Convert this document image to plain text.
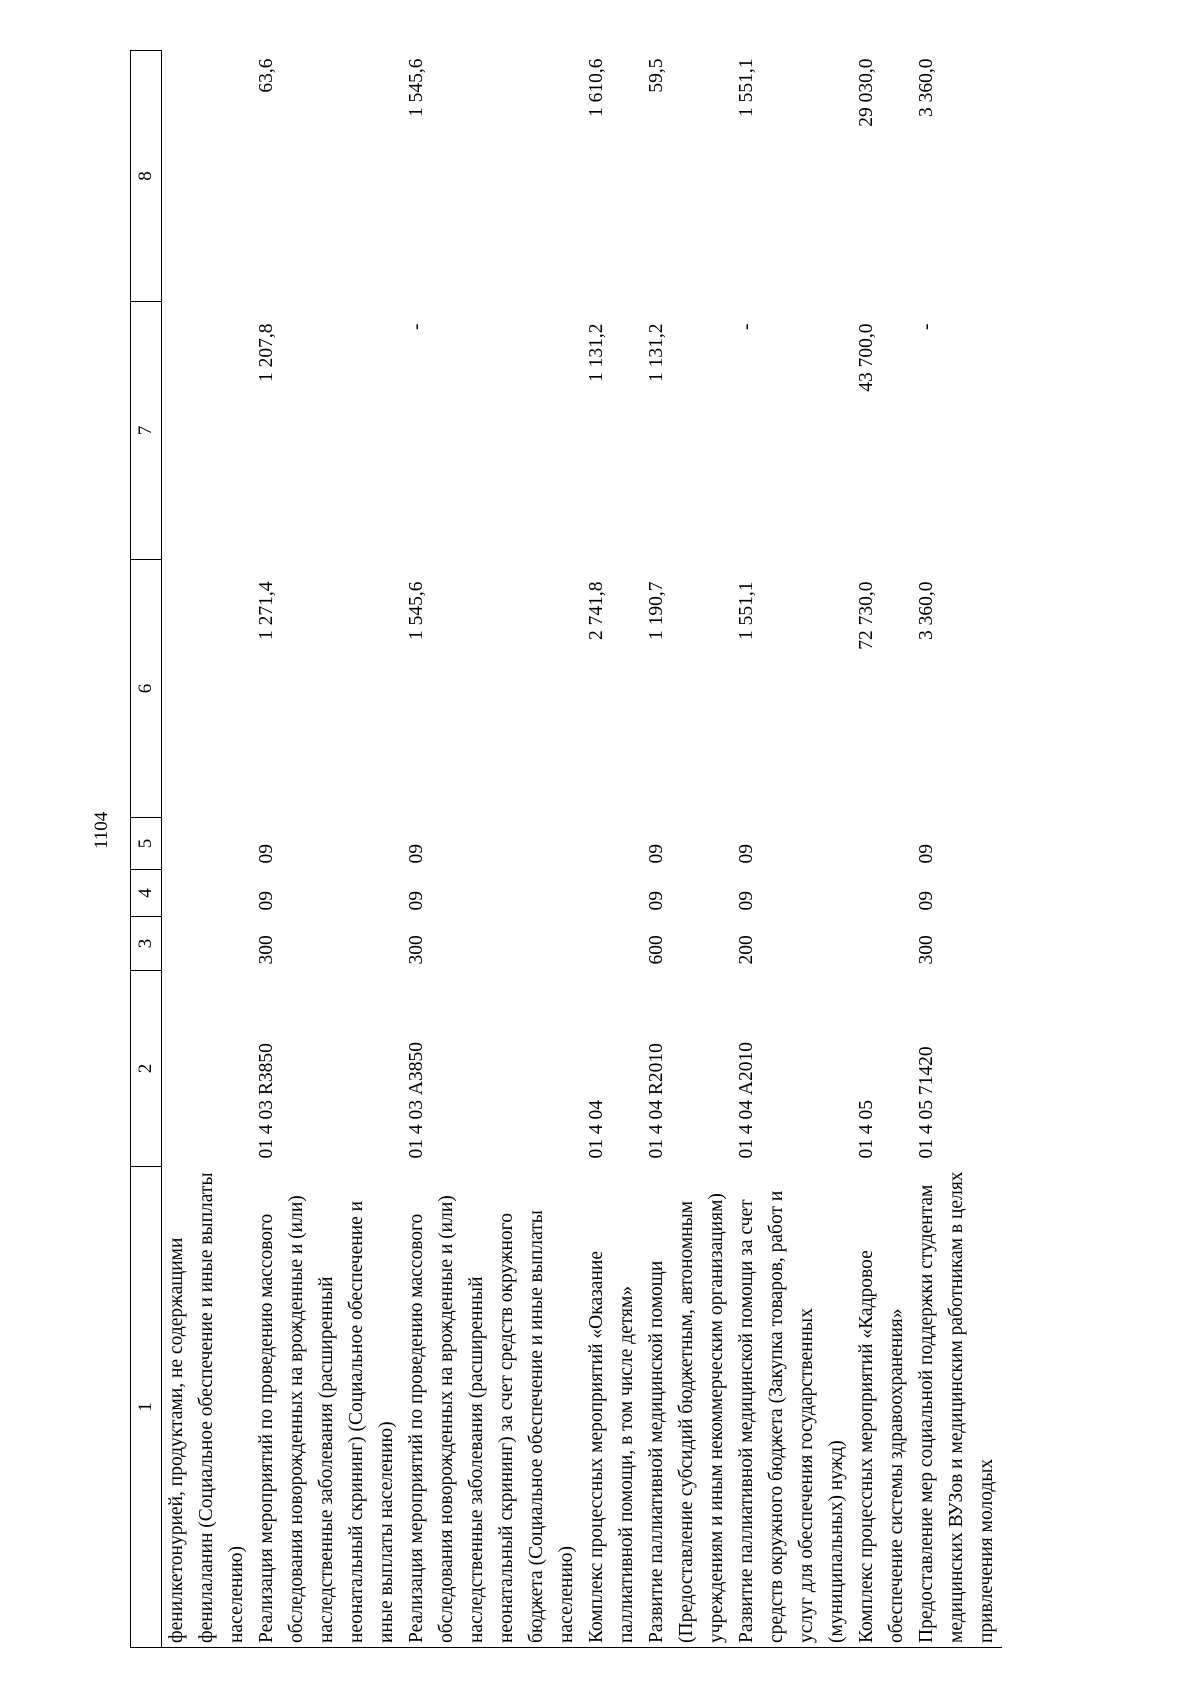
1104
1	2	3	4	5	6	7	8
фенилкетонурией, продуктами, не содержащими фенилаланин (Социальное обеспечение и иные выплаты населению)							
Реализация мероприятий по проведению массового обследования новорожденных на врожденные и (или) наследственные заболевания (расширенный неонатальный скрининг) (Социальное обеспечение и иные выплаты населению)	01 4 03 R3850	300	09	09	1 271,4	1 207,8	63,6
Реализация мероприятий по проведению массового обследования новорожденных на врожденные и (или) наследственные заболевания (расширенный неонатальный скрининг) за счет средств окружного бюджета (Социальное обеспечение и иные выплаты населению)	01 4 03 А3850	300	09	09	1 545,6	-	1 545,6
Комплекс процессных мероприятий «Оказание паллиативной помощи, в том числе детям»	01 4 04				2 741,8	1 131,2	1 610,6
Развитие паллиативной медицинской помощи (Предоставление субсидий бюджетным, автономным учреждениям и иным некоммерческим организациям)	01 4 04 R2010	600	09	09	1 190,7	1 131,2	59,5
Развитие паллиативной медицинской помощи за счет средств окружного бюджета (Закупка товаров, работ и услуг для обеспечения государственных (муниципальных) нужд)	01 4 04 А2010	200	09	09	1 551,1	-	1 551,1
Комплекс процессных мероприятий «Кадровое обеспечение системы здравоохранения»	01 4 05				72 730,0	43 700,0	29 030,0
Предоставление мер социальной поддержки студентам медицинских ВУЗов и медицинским работникам в целях привлечения молодых	01 4 05 71420	300	09	09	3 360,0	-	3 360,0
